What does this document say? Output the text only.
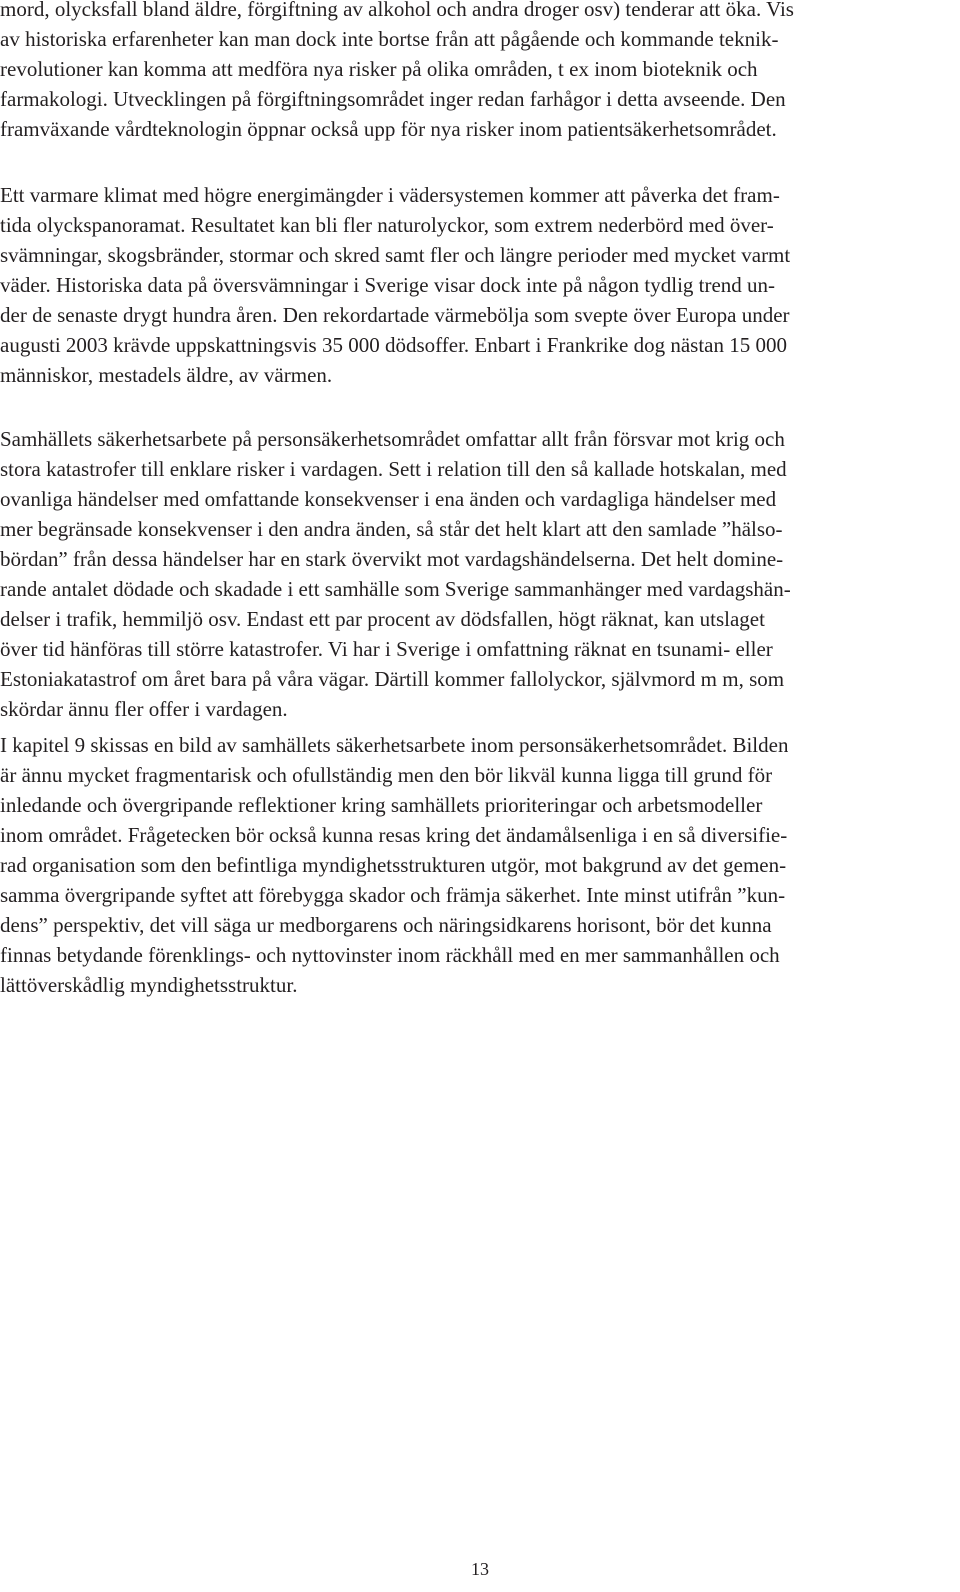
mord, olycksfall bland äldre, förgiftning av alkohol och andra droger osv) tenderar att öka. Vis
av historiska erfarenheter kan man dock inte bortse från att pågående och kommande teknik-
revolutioner kan komma att medföra nya risker på olika områden, t ex inom bioteknik och
farmakologi. Utvecklingen på förgiftningsområdet inger redan farhågor i detta avseende. Den
framväxande vårdteknologin öppnar också upp för nya risker inom patientsäkerhetsområdet.
Ett varmare klimat med högre energimängder i vädersystemen kommer att påverka det fram-
tida olyckspanoramat. Resultatet kan bli fler naturolyckor, som extrem nederbörd med över-
svämningar, skogsbränder, stormar och skred samt fler och längre perioder med mycket varmt
väder. Historiska data på översvämningar i Sverige visar dock inte på någon tydlig trend un-
der de senaste drygt hundra åren. Den rekordartade värmebölja som svepte över Europa under
augusti 2003 krävde uppskattningsvis 35 000 dödsoffer. Enbart i Frankrike dog nästan 15 000
människor, mestadels äldre, av värmen.
Samhällets säkerhetsarbete på personsäkerhetsområdet omfattar allt från försvar mot krig och
stora katastrofer till enklare risker i vardagen. Sett i relation till den så kallade hotskalan, med
ovanliga händelser med omfattande konsekvenser i ena änden och vardagliga händelser med
mer begränsade konsekvenser i den andra änden, så står det helt klart att den samlade ”hälso-
bördan” från dessa händelser har en stark övervikt mot vardagshändelserna. Det helt dominе-
rande antalet dödade och skadade i ett samhälle som Sverige sammanhänger med vardagshän-
delser i trafik, hemmiljö osv. Endast ett par procent av dödsfallen, högt räknat, kan utslaget
över tid hänföras till större katastrofer. Vi har i Sverige i omfattning räknat en tsunami- eller
Estoniakatastrof om året bara på våra vägar. Därtill kommer fallolyckor, självmord m m, som
skördar ännu fler offer i vardagen.
I kapitel 9 skissas en bild av samhällets säkerhetsarbete inom personsäkerhetsområdet. Bilden
är ännu mycket fragmentarisk och ofullständig men den bör likväl kunna ligga till grund för
inledande och övergripande reflektioner kring samhällets prioriteringar och arbetsmodeller
inom området. Frågetecken bör också kunna resas kring det ändamålsenliga i en så diversifie-
rad organisation som den befintliga myndighetsstrukturen utgör, mot bakgrund av det gemen-
samma övergripande syftet att förebygga skador och främja säkerhet. Inte minst utifrån ”kun-
dens” perspektiv, det vill säga ur medborgarens och näringsidkarens horisont, bör det kunna
finnas betydande förenklings- och nyttovinster inom räckhåll med en mer sammanhållen och
lättöverskådlig myndighetsstruktur.
13
